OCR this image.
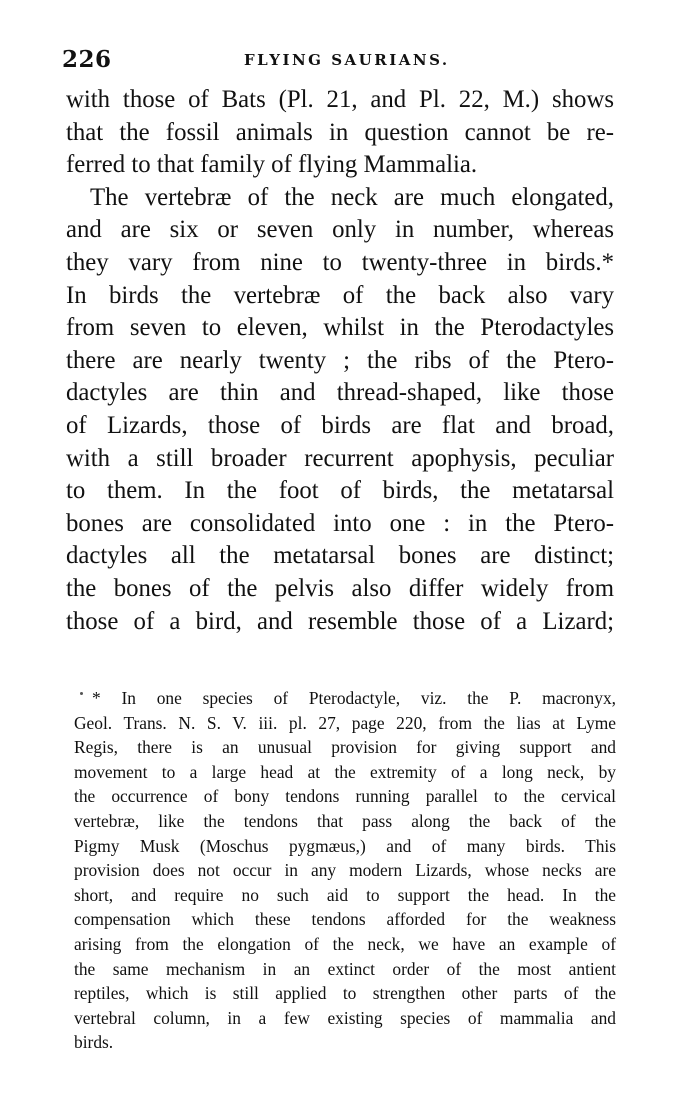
226	FLYING SAURIANS.
with those of Bats (Pl. 21, and Pl. 22, M.) shows
that the fossil animals in question cannot be re-
ferred to that family of flying Mammalia.
The vertebræ of the neck are much elongated,
and are six or seven only in number, whereas
they vary from nine to twenty-three in birds.*
In birds the vertebræ of the back also vary
from seven to eleven, whilst in the Pterodactyles
there are nearly twenty ; the ribs of the Ptero-
dactyles are thin and thread-shaped, like those
of Lizards, those of birds are flat and broad,
with a still broader recurrent apophysis, peculiar
to them. In the foot of birds, the metatarsal
bones are consolidated into one : in the Ptero-
dactyles all the metatarsal bones are distinct;
the bones of the pelvis also differ widely from
those of a bird, and resemble those of a Lizard;
* In one species of Pterodactyle, viz. the P. macronyx,
Geol. Trans. N. S. V. iii. pl. 27, page 220, from the lias at Lyme
Regis, there is an unusual provision for giving support and
movement to a large head at the extremity of a long neck, by
the occurrence of bony tendons running parallel to the cervical
vertebræ, like the tendons that pass along the back of the
Pigmy Musk (Moschus pygmæus,) and of many birds. This
provision does not occur in any modern Lizards, whose necks are
short, and require no such aid to support the head. In the
compensation which these tendons afforded for the weakness
arising from the elongation of the neck, we have an example of
the same mechanism in an extinct order of the most antient
reptiles, which is still applied to strengthen other parts of the
vertebral column, in a few existing species of mammalia and
birds.
